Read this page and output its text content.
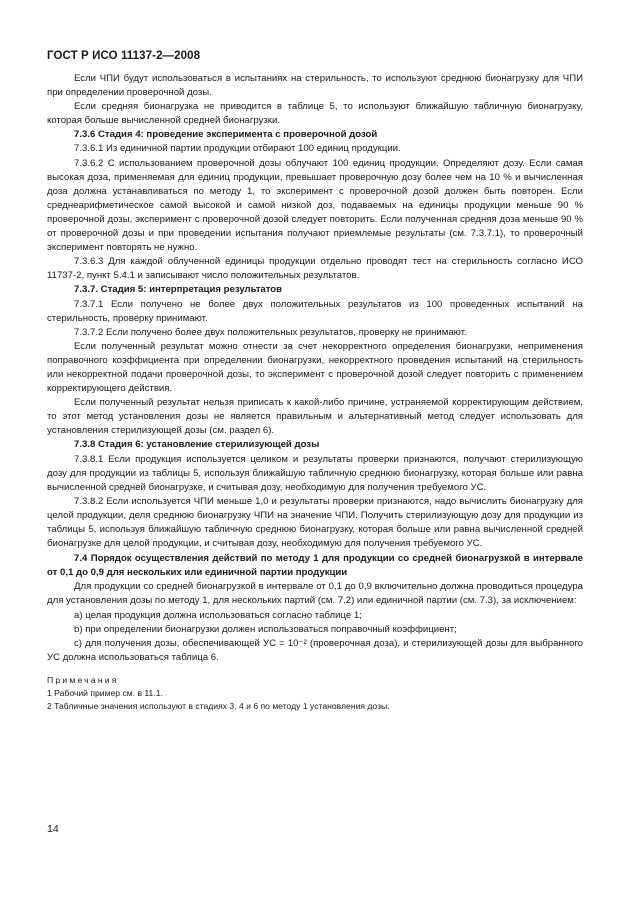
ГОСТ Р ИСО 11137-2—2008

Если ЧПИ будут использоваться в испытаниях на стерильность, то используют среднюю бионагрузку для ЧПИ при определении проверочной дозы.

Если средняя бионагрузка не приводится в таблице 5, то используют ближайшую табличную бионагрузку, которая больше вычисленной средней бионагрузки.

7.3.6 Стадия 4: проведение эксперимента с проверочной дозой

7.3.6.1 Из единичной партии продукции отбирают 100 единиц продукции.

7.3.6.2 С использованием проверочной дозы облучают 100 единиц продукции. Определяют дозу. Если самая высокая доза, применяемая для единиц продукции, превышает проверочную дозу более чем на 10 % и вычисленная доза должна устанавливаться по методу 1, то эксперимент с проверочной дозой должен быть повторен. Если среднеарифметическое самой высокой и самой низкой доз, подаваемых на единицы продукции меньше 90 % проверочной дозы, эксперимент с проверочной дозой следует повторить. Если полученная средняя доза меньше 90 % от проверочной дозы и при проведении испытания получают приемлемые результаты (см. 7.3.7.1), то проверочный эксперимент повторять не нужно.

7.3.6.3 Для каждой облученной единицы продукции отдельно проводят тест на стерильность согласно ИСО 11737-2, пункт 5.4.1 и записывают число положительных результатов.

7.3.7. Стадия 5: интерпретация результатов

7.3.7.1 Если получено не более двух положительных результатов из 100 проведенных испытаний на стерильность, проверку принимают.

7.3.7.2 Если получено более двух положительных результатов, проверку не принимают.

Если полученный результат можно отнести за счет некорректного определения бионагрузки, неприменения поправочного коэффициента при определении бионагрузки, некорректного проведения испытаний на стерильность или некорректной подачи проверочной дозы, то эксперимент с проверочной дозой следует повторить с применением корректирующего действия.

Если полученный результат нельзя приписать к какой-либо причине, устраняемой корректирующим действием, то этот метод установления дозы не является правильным и альтернативный метод следует использовать для установления стерилизующей дозы (см. раздел 6).

7.3.8 Стадия 6: установление стерилизующей дозы

7.3.8.1 Если продукция используется целиком и результаты проверки признаются, получают стерилизующую дозу для продукции из таблицы 5, используя ближайшую табличную среднюю бионагрузку, которая больше или равна вычисленной средней бионагрузке, и считывая дозу, необходимую для получения требуемого УС.

7.3.8.2 Если используется ЧПИ меньше 1,0 и результаты проверки признаются, надо вычислить бионагрузку для целой продукции, деля среднюю бионагрузку ЧПИ на значение ЧПИ. Получить стерилизующую дозу для продукции из таблицы 5, используя ближайшую табличную среднюю бионагрузку, которая больше или равна вычисленной средней бионагрузке для целой продукции, и считывая дозу, необходимую для получения требуемого УС.

7.4 Порядок осуществления действий по методу 1 для продукции со средней бионагрузкой в интервале от 0,1 до 0,9 для нескольких или единичной партии продукции

Для продукции со средней бионагрузкой в интервале от 0,1 до 0,9 включительно должна проводиться процедура для установления дозы по методу 1, для нескольких партий (см. 7.2) или единичной партии (см. 7.3), за исключением:

a) целая продукция должна использоваться согласно таблице 1;

b) при определении бионагрузки должен использоваться поправочный коэффициент;

c) для получения дозы, обеспечивающей УС = 10⁻² (проверочная доза), и стерилизующей дозы для выбранного УС должна использоваться таблица 6.

Примечания

1 Рабочий пример см. в 11.1.

2 Табличные значения используют в стадиях 3, 4 и 6 по методу 1 установления дозы.

14
